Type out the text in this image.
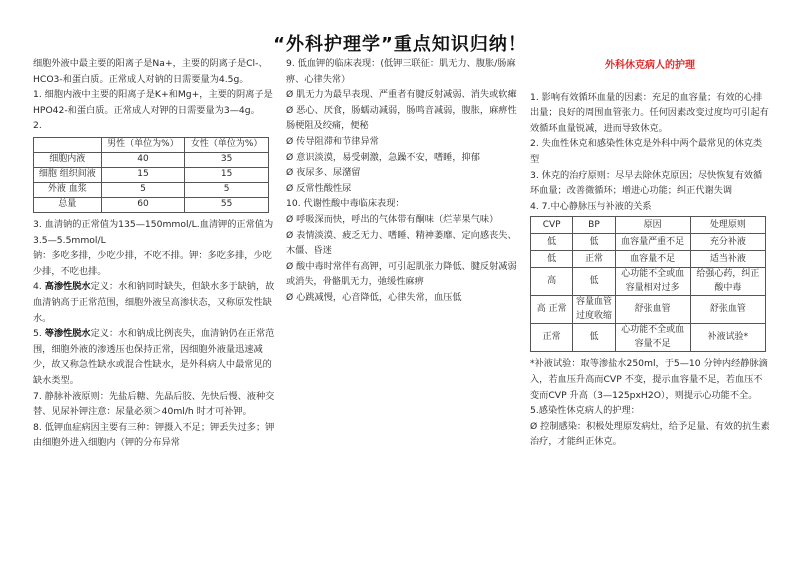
“外科护理学”重点知识归纳！

细胞外液中最主要的阳离子是Na+，主要的阴离子是Cl-、HCO3-和蛋白质。正常成人对钠的日需要量为4.5g。

1. 细胞内液中主要的阳离子是K+和Mg+，主要的阴离子是HPO42-和蛋白质。正常成人对钾的日需要量为3—4g。

2.

	男性（单位为%）	女性（单位为%）
细胞内液	40	35
细胞 组织间液	15	15
外液 血浆	5	5
总量	60	55

3. 血清钠的正常值为135—150mmol/L.血清钾的正常值为3.5—5.5mmol/L

钠：多吃多排，少吃少排，不吃不排。钾：多吃多排，少吃少排，不吃也排。

4. 高渗性脱水定义：水和钠同时缺失，但缺水多于缺钠，故血清钠高于正常范围，细胞外液呈高渗状态，又称原发性缺水。

5. 等渗性脱水定义：水和钠成比例丧失，血清钠仍在正常范围，细胞外液的渗透压也保持正常，因细胞外液量迅速减少，故又称急性缺水或混合性缺水，是外科病人中最常见的缺水类型。

7. 静脉补液原则：先盐后糖、先晶后胶、先快后慢、液种交替、见尿补钾注意：尿量必须＞40ml/h 时才可补钾。

8. 低钾血症病因主要有三种：钾摄入不足；钾丢失过多；钾由细胞外进入细胞内（钾的分布异常

9. 低血钾的临床表现：(低钾三联征：肌无力、腹胀/肠麻痹、心律失常）

Ø 肌无力为最早表现、严重者有腱反射减弱、消失或软瘫

Ø 恶心、厌食，肠蠕动减弱，肠鸣音减弱，腹胀，麻痹性肠梗阻及绞痛，便秘

Ø 传导阻滞和节律异常

Ø 意识淡漠，易受刺激，急躁不安，嗜睡，抑郁

Ø 夜尿多、尿潴留

Ø 反常性酸性尿

10. 代谢性酸中毒临床表现：

Ø 呼吸深而快，呼出的气体带有酮味（烂苹果气味）

Ø 表情淡漠、疲乏无力、嗜睡、精神萎靡、定向感丧失、木僵、昏迷

Ø 酸中毒时常伴有高钾，可引起肌张力降低、腱反射减弱或消失，骨骼肌无力，弛缓性麻痹

Ø 心跳减慢，心音降低，心律失常，血压低

外科休克病人的护理

1. 影响有效循环血量的因素：充足的血容量；有效的心排出量；良好的周围血管张力。任何因素改变过度均可引起有效循环血量锐减，进而导致休克。

2. 失血性休克和感染性休克是外科中两个最常见的休克类型

3. 休克的治疗原则：尽早去除休克原因；尽快恢复有效循环血量；改善微循环；增进心功能；纠正代谢失调

4. 7.中心静脉压与补液的关系

CVP	BP	原因	处理原则
低	低	血容量严重不足	充分补液
低	正常	血容量不足	适当补液
高	低	心功能不全或血容量相对过多	给强心药，纠正酸中毒
高 正常	容量血管过度收缩	舒张血管	舒张血管
正常	低	心功能不全或血容量不足	补液试验*

*补液试验：取等渗盐水250ml，于5—10 分钟内经静脉滴入，若血压升高而CVP 不变，提示血容量不足，若血压不变而CVP 升高（3—125pxH2O），则提示心功能不全。

5.感染性休克病人的护理：

Ø 控制感染：积极处理原发病灶，给予足量、有效的抗生素治疗，才能纠正休克。
